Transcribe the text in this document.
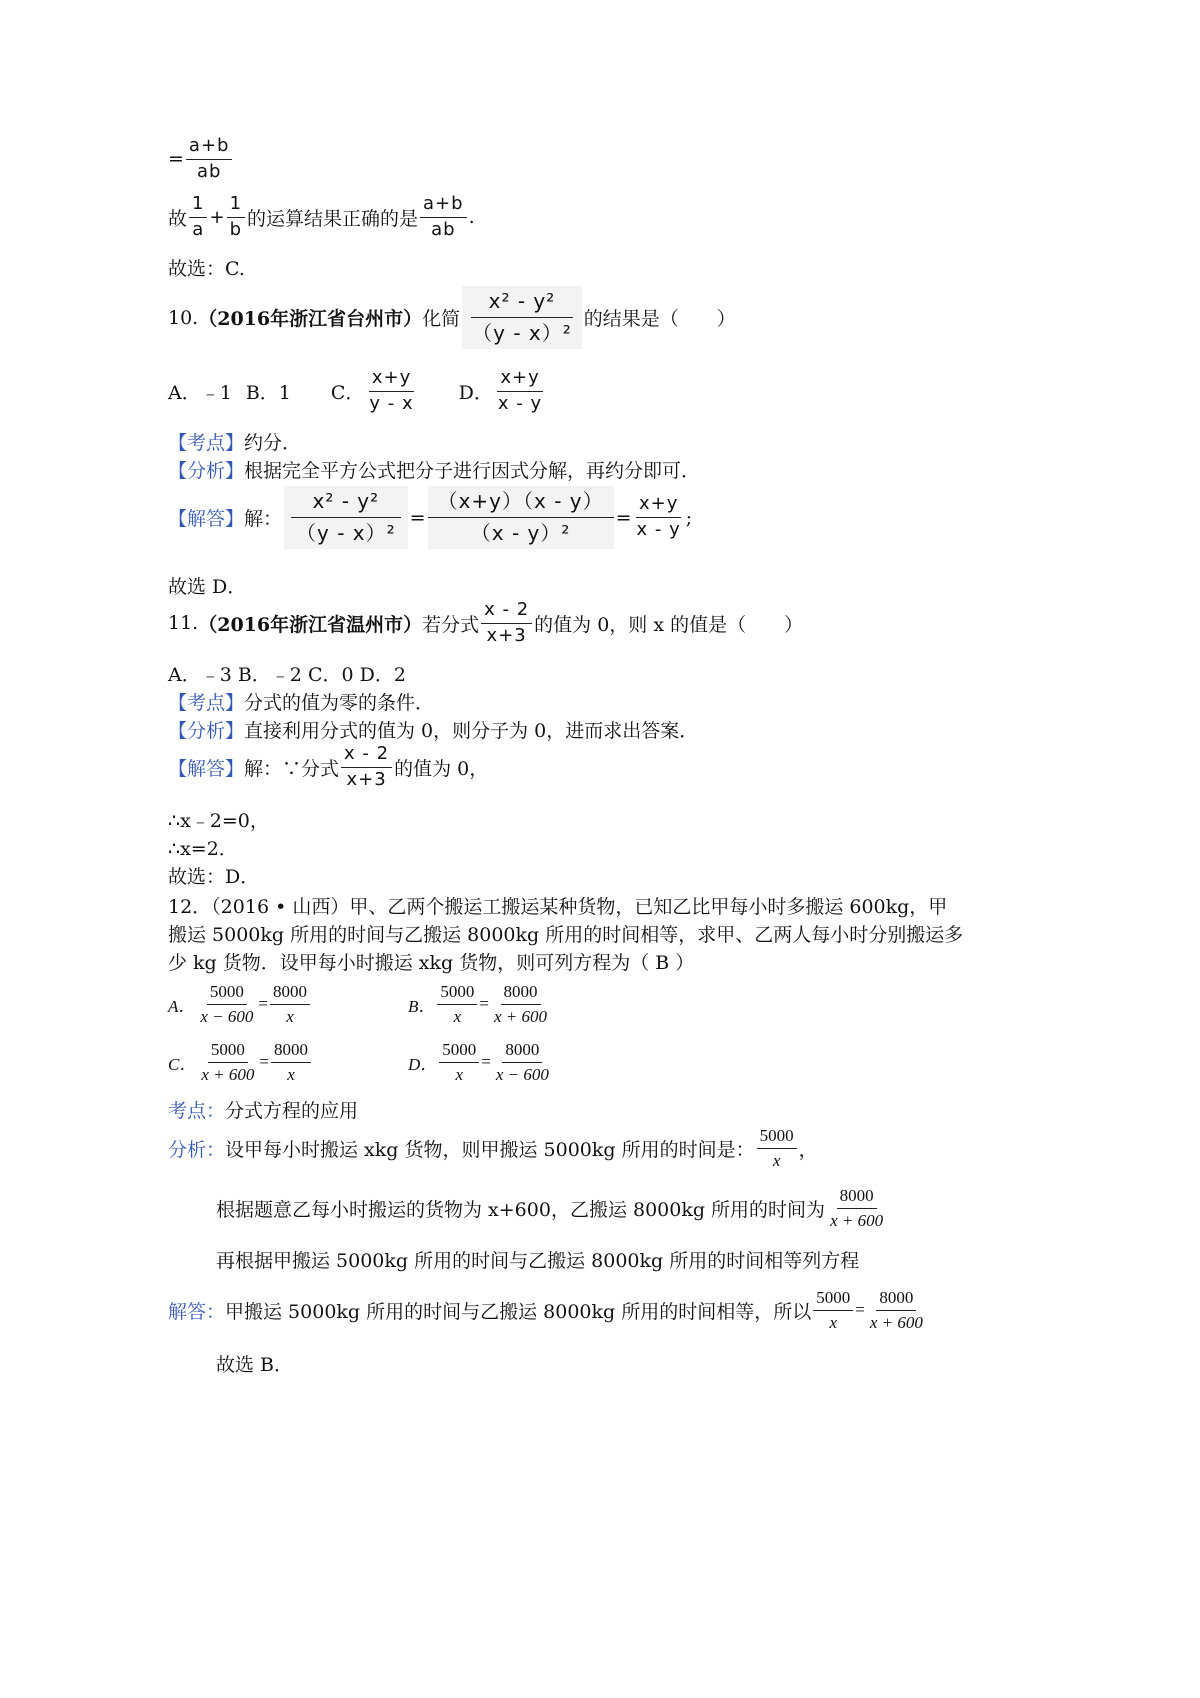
= $\frac{a+b}{ab}$
故 $\frac{1}{a} + \frac{1}{b}$ 的运算结果正确的是 $\frac{a+b}{ab}$ .
故选：C.
10. （2016年浙江省台州市） 化简 $\frac{\text{x² - y²}}{\text{（y - x）²}}$ 的结果是（　　）
A．﹣1 B．1 C． $\frac{x+y}{y - x}$ D． $\frac{x+y}{x - y}$
【考点】 约分．
【分析】 根据完全平方公式把分子进行因式分解，再约分即可．
【解答】 解： $\frac{\text{x² - y²}}{\text{（y - x）²}} = \frac{(x+y)(x - y)}{\text{（x - y）²}} = \frac{x+y}{x - y}$ ;
故选 D．
11. （2016年浙江省温州市） 若分式 $\frac{x - 2}{x+3}$ 的值为 0，则 x 的值是（　　）
A．﹣3 B．﹣2 C．0 D．2
【考点】 分式的值为零的条件．
【分析】 直接利用分式的值为 0，则分子为 0，进而求出答案．
【解答】 解：∵分式 $\frac{x - 2}{x+3}$ 的值为 0，
∴x﹣2=0，
∴x=2．
故选：D．
12．（2016 • 山西）甲、乙两个搬运工搬运某种货物，已知乙比甲每小时多搬运 600kg，甲
搬运 5000kg 所用的时间与乙搬运 8000kg 所用的时间相等，求甲、乙两人每小时分别搬运多
少 kg 货物．设甲每小时搬运 xkg 货物，则可列方程为（ B ）
A． $\frac{5000}{x - 600} = \frac{8000}{x}$	B． $\frac{5000}{x} = \frac{8000}{x + 600}$
C． $\frac{5000}{x + 600} = \frac{8000}{x}$	D． $\frac{5000}{x} = \frac{8000}{x - 600}$
考点： 分式方程的应用
分析： 设甲每小时搬运 xkg 货物，则甲搬运 5000kg 所用的时间是： $\frac{5000}{x}$ ，
根据题意乙每小时搬运的货物为 x+600，乙搬运 8000kg 所用的时间为 $\frac{8000}{x + 600}$
再根据甲搬运 5000kg 所用的时间与乙搬运 8000kg 所用的时间相等列方程
解答： 甲搬运 5000kg 所用的时间与乙搬运 8000kg 所用的时间相等，所以 $\frac{5000}{x} = \frac{8000}{x + 600}$
故选 B．
